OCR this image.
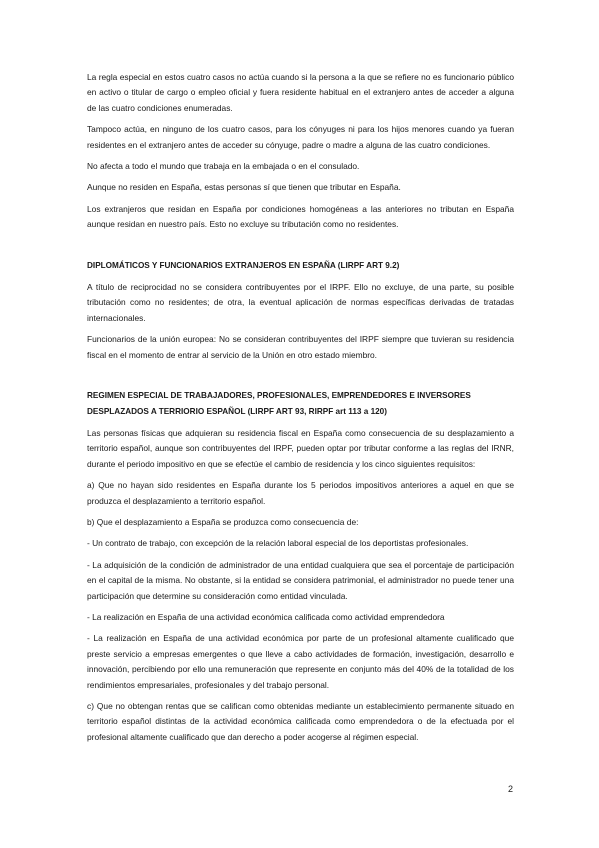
La regla especial en estos cuatro casos no actúa cuando si la persona a la que se refiere no es funcionario público en activo o titular de cargo o empleo oficial y fuera residente habitual en el extranjero antes de acceder a alguna de las cuatro condiciones enumeradas.

Tampoco actúa, en ninguno de los cuatro casos, para los cónyuges ni para los hijos menores cuando ya fueran residentes en el extranjero antes de acceder su cónyuge, padre o madre a alguna de las cuatro condiciones.

No afecta a todo el mundo que trabaja en la embajada o en el consulado.

Aunque no residen en España, estas personas sí que tienen que tributar en España.

Los extranjeros que residan en España por condiciones homogéneas a las anteriores no tributan en España aunque residan en nuestro país. Esto no excluye su tributación como no residentes.

DIPLOMÁTICOS Y FUNCIONARIOS EXTRANJEROS EN ESPAÑA (LIRPF ART 9.2)

A título de reciprocidad no se considera contribuyentes por el IRPF. Ello no excluye, de una parte, su posible tributación como no residentes; de otra, la eventual aplicación de normas específicas derivadas de tratadas internacionales.

Funcionarios de la unión europea: No se consideran contribuyentes del IRPF siempre que tuvieran su residencia fiscal en el momento de entrar al servicio de la Unión en otro estado miembro.

REGIMEN ESPECIAL DE TRABAJADORES, PROFESIONALES, EMPRENDEDORES E INVERSORES DESPLAZADOS A TERRIORIO ESPAÑOL (LIRPF ART 93, RIRPF art 113 a 120)

Las personas físicas que adquieran su residencia fiscal en España como consecuencia de su desplazamiento a territorio español, aunque son contribuyentes del IRPF, pueden optar por tributar conforme a las reglas del IRNR, durante el periodo impositivo en que se efectúe el cambio de residencia y los cinco siguientes requisitos:

a) Que no hayan sido residentes en España durante los 5 periodos impositivos anteriores a aquel en que se produzca el desplazamiento a territorio español.

b) Que el desplazamiento a España se produzca como consecuencia de:

- Un contrato de trabajo, con excepción de la relación laboral especial de los deportistas profesionales.

- La adquisición de la condición de administrador de una entidad cualquiera que sea el porcentaje de participación en el capital de la misma. No obstante, si la entidad se considera patrimonial, el administrador no puede tener una participación que determine su consideración como entidad vinculada.

- La realización en España de una actividad económica calificada como actividad emprendedora

- La realización en España de una actividad económica por parte de un profesional altamente cualificado que preste servicio a empresas emergentes o que lleve a cabo actividades de formación, investigación, desarrollo e innovación, percibiendo por ello una remuneración que represente en conjunto más del 40% de la totalidad de los rendimientos empresariales, profesionales y del trabajo personal.

c) Que no obtengan rentas que se califican como obtenidas mediante un establecimiento permanente situado en territorio español distintas de la actividad económica calificada como emprendedora o de la efectuada por el profesional altamente cualificado que dan derecho a poder acogerse al régimen especial.

2
